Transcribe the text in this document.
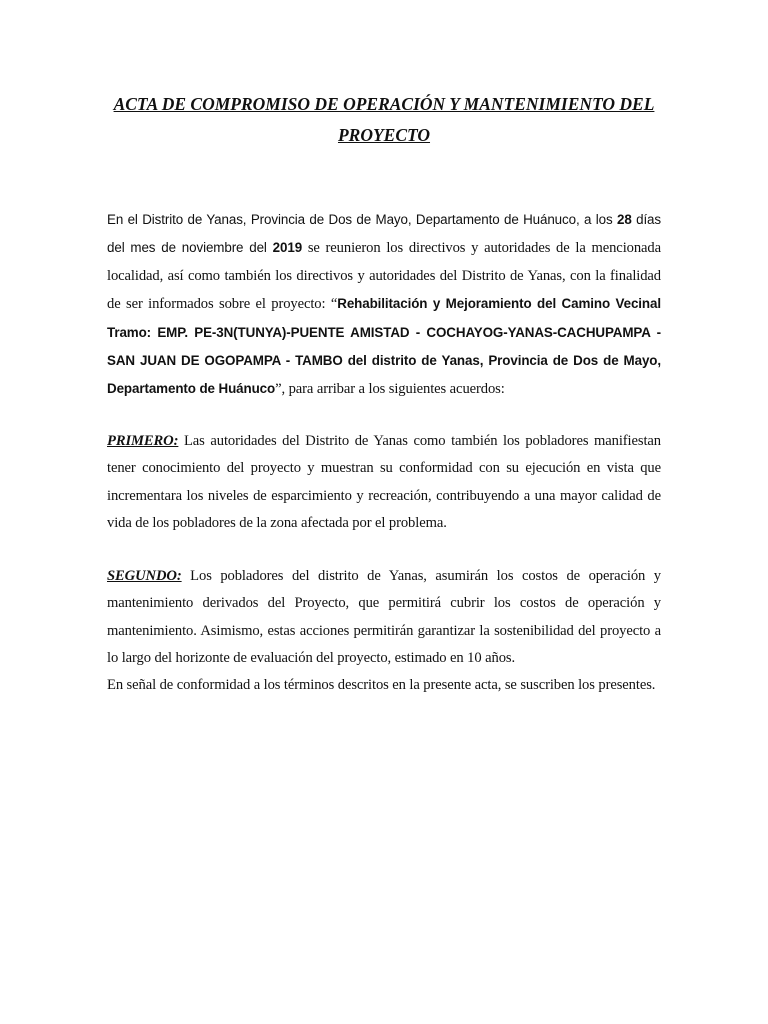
ACTA DE COMPROMISO DE OPERACIÓN Y MANTENIMIENTO DEL
PROYECTO

En el Distrito de Yanas, Provincia de Dos de Mayo, Departamento de Huánuco, a los 28 días del mes de noviembre del 2019 se reunieron los directivos y autoridades de la mencionada localidad, así como también los directivos y autoridades del Distrito de Yanas, con la finalidad de ser informados sobre el proyecto: “Rehabilitación y Mejoramiento del Camino Vecinal Tramo: EMP. PE-3N(TUNYA)-PUENTE AMISTAD - COCHAYOG-YANAS-CACHUPAMPA - SAN JUAN DE OGOPAMPA - TAMBO del distrito de Yanas, Provincia de Dos de Mayo, Departamento de Huánuco”, para arribar a los siguientes acuerdos:

PRIMERO: Las autoridades del Distrito de Yanas como también los pobladores manifiestan tener conocimiento del proyecto y muestran su conformidad con su ejecución en vista que incrementara los niveles de esparcimiento y recreación, contribuyendo a una mayor calidad de vida de los pobladores de la zona afectada por el problema.

SEGUNDO: Los pobladores del distrito de Yanas, asumirán los costos de operación y mantenimiento derivados del Proyecto, que permitirá cubrir los costos de operación y mantenimiento. Asimismo, estas acciones permitirán garantizar la sostenibilidad del proyecto a lo largo del horizonte de evaluación del proyecto, estimado en 10 años.

En señal de conformidad a los términos descritos en la presente acta, se suscriben los presentes.
